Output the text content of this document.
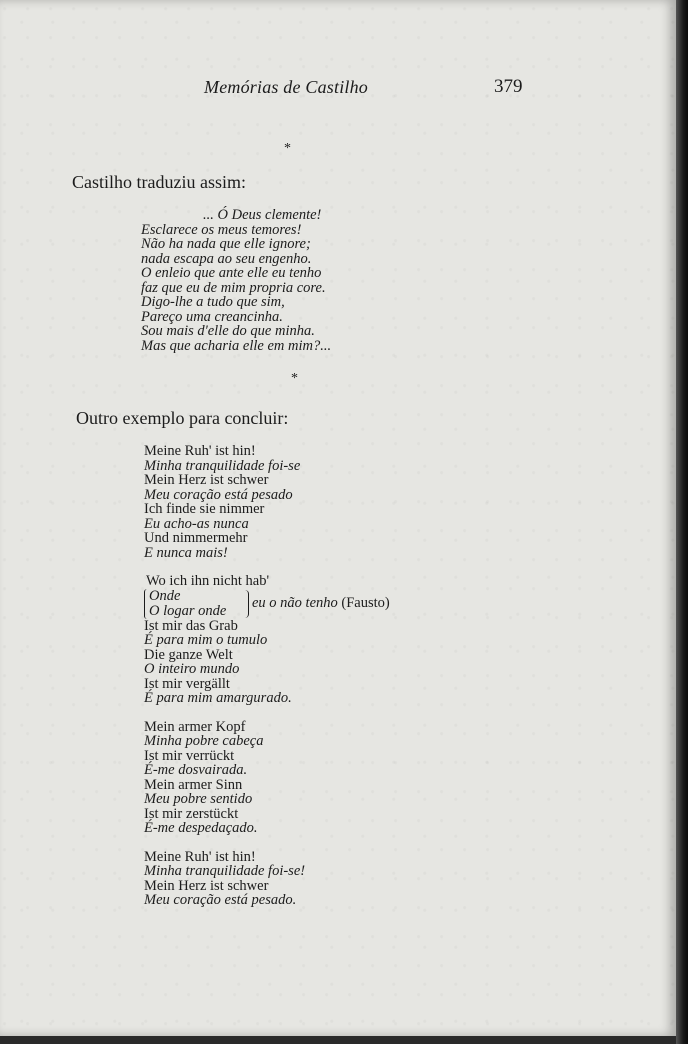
Memórias de Castilho	379
*
Castilho traduziu assim:
... Ó Deus clemente!
Esclarece os meus temores!
Não ha nada que elle ignore;
nada escapa ao seu engenho.
O enleio que ante elle eu tenho
faz que eu de mim propria core.
Digo-lhe a tudo que sim,
Pareço uma creancinha.
Sou mais d'elle do que minha.
Mas que acharia elle em mim?...
*
Outro exemplo para concluir:
Meine Ruh' ist hin!
Minha tranquilidade foi-se
Mein Herz ist schwer
Meu coração está pesado
Ich finde sie nimmer
Eu acho-as nunca
Und nimmermehr
E nunca mais!
Wo ich ihn nicht hab'
Onde
O logar onde eu o não tenho (Fausto)
Ist mir das Grab
É para mim o tumulo
Die ganze Welt
O inteiro mundo
Ist mir vergällt
É para mim amargurado.
Mein armer Kopf
Minha pobre cabeça
Ist mir verrückt
É-me dosvairada.
Mein armer Sinn
Meu pobre sentido
Ist mir zerstückt
É-me despedaçado.
Meine Ruh' ist hin!
Minha tranquilidade foi-se!
Mein Herz ist schwer
Meu coração está pesado.
